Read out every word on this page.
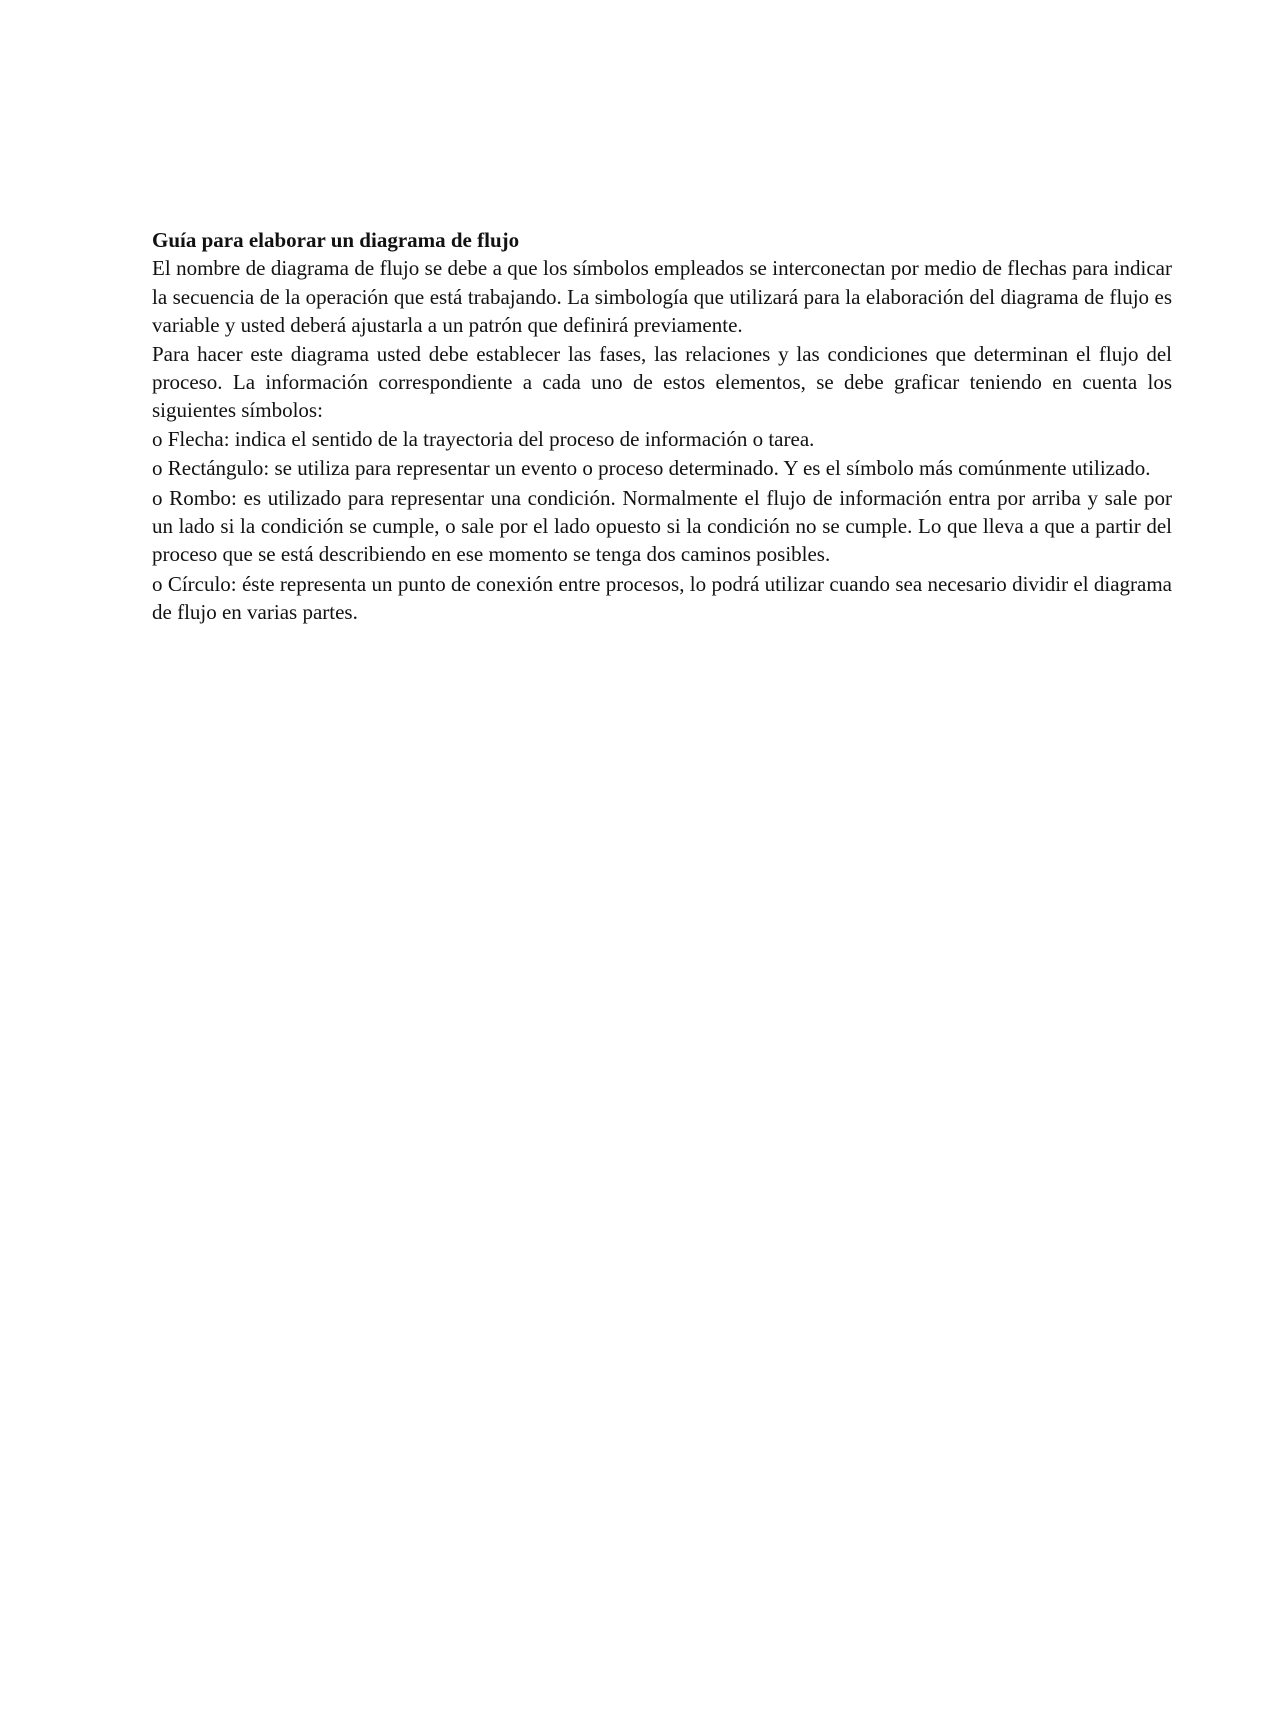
Guía para elaborar un diagrama de flujo

El nombre de diagrama de flujo se debe a que los símbolos empleados se interconectan por medio de flechas para indicar la secuencia de la operación que está trabajando. La simbología que utilizará para la elaboración del diagrama de flujo es variable y usted deberá ajustarla a un patrón que definirá previamente.

Para hacer este diagrama usted debe establecer las fases, las relaciones y las condiciones que determinan el flujo del proceso. La información correspondiente a cada uno de estos elementos, se debe graficar teniendo en cuenta los siguientes símbolos:

o Flecha: indica el sentido de la trayectoria del proceso de información o tarea.

o Rectángulo: se utiliza para representar un evento o proceso determinado. Y es el símbolo más comúnmente utilizado.

o Rombo: es utilizado para representar una condición. Normalmente el flujo de información entra por arriba y sale por un lado si la condición se cumple, o sale por el lado opuesto si la condición no se cumple. Lo que lleva a que a partir del proceso que se está describiendo en ese momento se tenga dos caminos posibles.

o Círculo: éste representa un punto de conexión entre procesos, lo podrá utilizar cuando sea necesario dividir el diagrama de flujo en varias partes.
